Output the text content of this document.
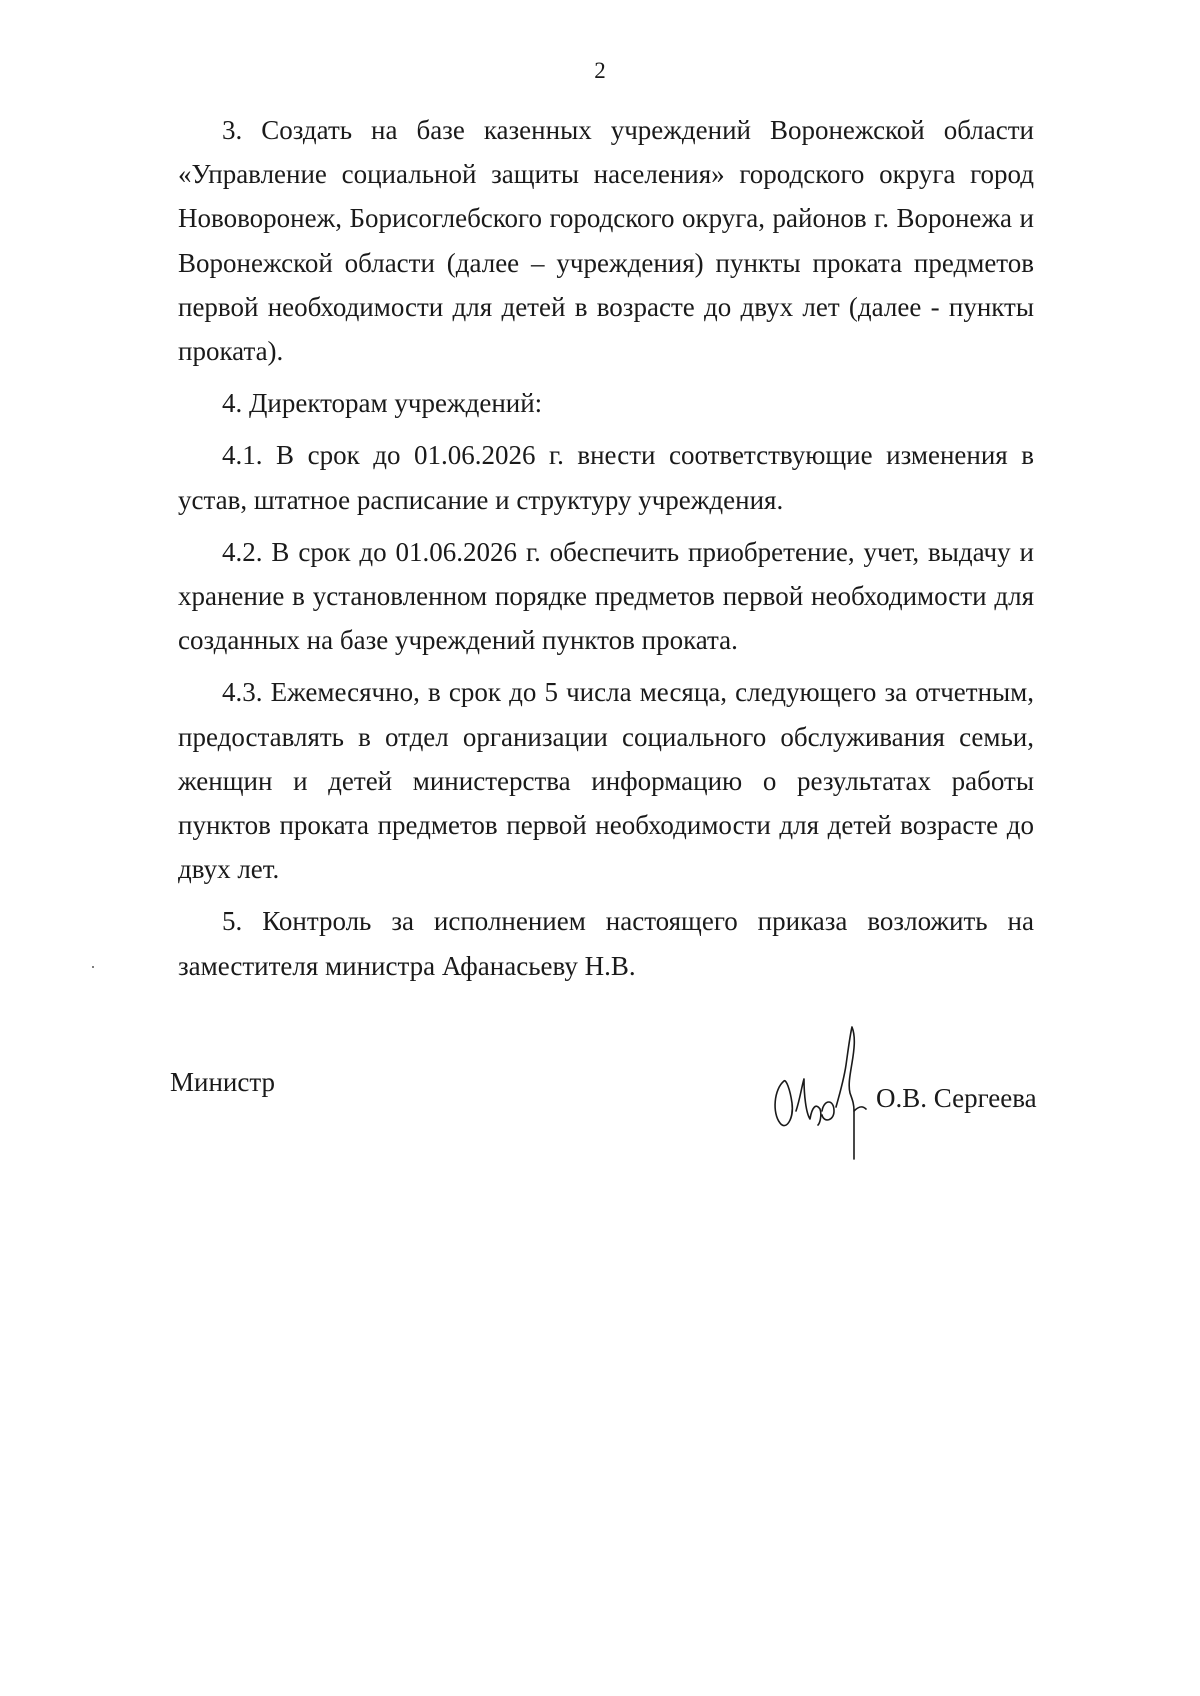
2

3. Создать на базе казенных учреждений Воронежской области «Управление социальной защиты населения» городского округа город Нововоронеж, Борисоглебского городского округа, районов г. Воронежа и Воронежской области (далее – учреждения) пункты проката предметов первой необходимости для детей в возрасте до двух лет (далее - пункты проката).

4. Директорам учреждений:

4.1. В срок до 01.06.2026 г. внести соответствующие изменения в устав, штатное расписание и структуру учреждения.

4.2. В срок до 01.06.2026 г. обеспечить приобретение, учет, выдачу и хранение в установленном порядке предметов первой необходимости для созданных на базе учреждений пунктов проката.

4.3. Ежемесячно, в срок до 5 числа месяца, следующего за отчетным, предоставлять в отдел организации социального обслуживания семьи, женщин и детей министерства информацию о результатах работы пунктов проката предметов первой необходимости для детей возрасте до двух лет.

5. Контроль за исполнением настоящего приказа возложить на заместителя министра Афанасьеву Н.В.

Министр
О.В. Сергеева
